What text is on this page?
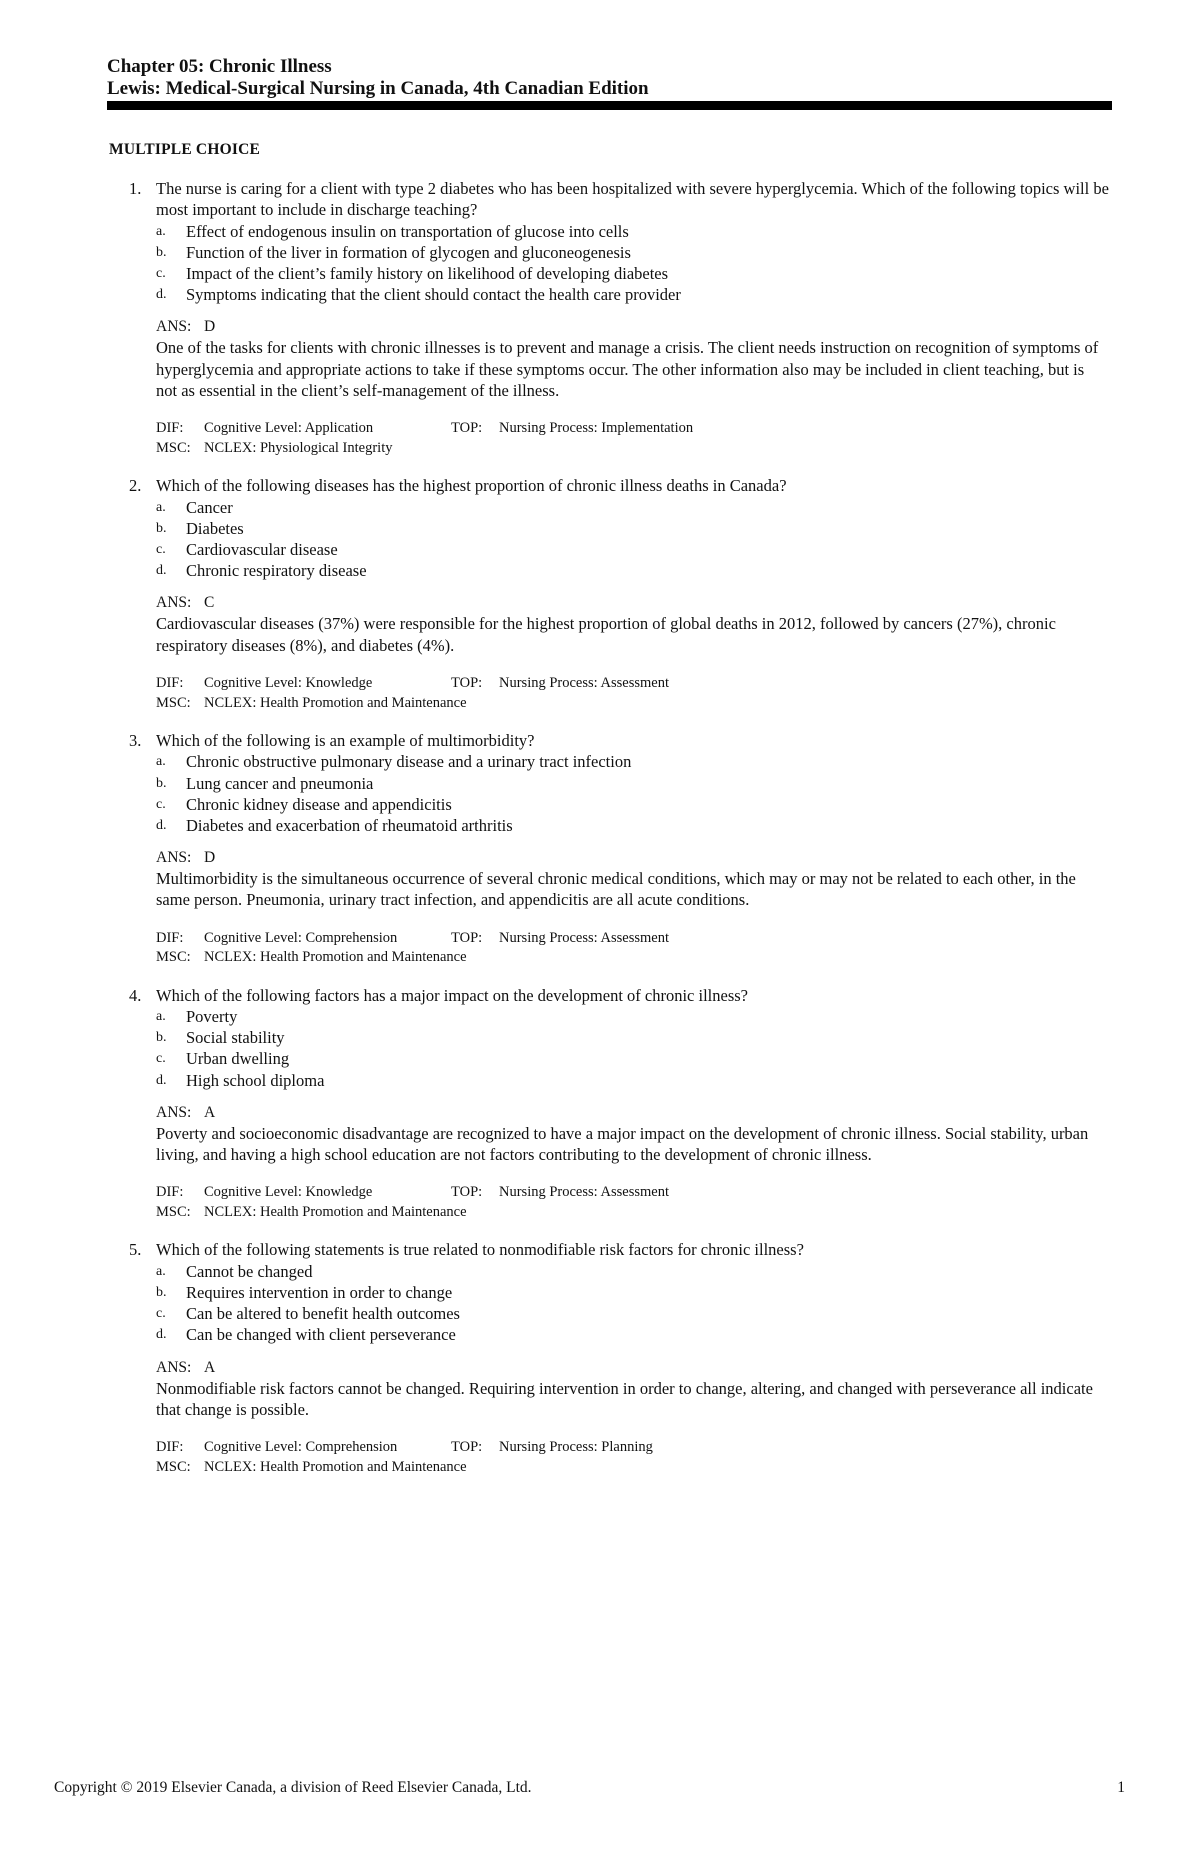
Chapter 05: Chronic Illness
Lewis: Medical-Surgical Nursing in Canada, 4th Canadian Edition
MULTIPLE CHOICE
1. The nurse is caring for a client with type 2 diabetes who has been hospitalized with severe hyperglycemia. Which of the following topics will be most important to include in discharge teaching?
a. Effect of endogenous insulin on transportation of glucose into cells
b. Function of the liver in formation of glycogen and gluconeogenesis
c. Impact of the client’s family history on likelihood of developing diabetes
d. Symptoms indicating that the client should contact the health care provider
ANS: D
One of the tasks for clients with chronic illnesses is to prevent and manage a crisis. The client needs instruction on recognition of symptoms of hyperglycemia and appropriate actions to take if these symptoms occur. The other information also may be included in client teaching, but is not as essential in the client’s self-management of the illness.
DIF: Cognitive Level: Application	TOP: Nursing Process: Implementation
MSC: NCLEX: Physiological Integrity
2. Which of the following diseases has the highest proportion of chronic illness deaths in Canada?
a. Cancer
b. Diabetes
c. Cardiovascular disease
d. Chronic respiratory disease
ANS: C
Cardiovascular diseases (37%) were responsible for the highest proportion of global deaths in 2012, followed by cancers (27%), chronic respiratory diseases (8%), and diabetes (4%).
DIF: Cognitive Level: Knowledge	TOP: Nursing Process: Assessment
MSC: NCLEX: Health Promotion and Maintenance
3. Which of the following is an example of multimorbidity?
a. Chronic obstructive pulmonary disease and a urinary tract infection
b. Lung cancer and pneumonia
c. Chronic kidney disease and appendicitis
d. Diabetes and exacerbation of rheumatoid arthritis
ANS: D
Multimorbidity is the simultaneous occurrence of several chronic medical conditions, which may or may not be related to each other, in the same person. Pneumonia, urinary tract infection, and appendicitis are all acute conditions.
DIF: Cognitive Level: Comprehension	TOP: Nursing Process: Assessment
MSC: NCLEX: Health Promotion and Maintenance
4. Which of the following factors has a major impact on the development of chronic illness?
a. Poverty
b. Social stability
c. Urban dwelling
d. High school diploma
ANS: A
Poverty and socioeconomic disadvantage are recognized to have a major impact on the development of chronic illness. Social stability, urban living, and having a high school education are not factors contributing to the development of chronic illness.
DIF: Cognitive Level: Knowledge	TOP: Nursing Process: Assessment
MSC: NCLEX: Health Promotion and Maintenance
5. Which of the following statements is true related to nonmodifiable risk factors for chronic illness?
a. Cannot be changed
b. Requires intervention in order to change
c. Can be altered to benefit health outcomes
d. Can be changed with client perseverance
ANS: A
Nonmodifiable risk factors cannot be changed. Requiring intervention in order to change, altering, and changed with perseverance all indicate that change is possible.
DIF: Cognitive Level: Comprehension	TOP: Nursing Process: Planning
MSC: NCLEX: Health Promotion and Maintenance
Copyright © 2019 Elsevier Canada, a division of Reed Elsevier Canada, Ltd.	1
